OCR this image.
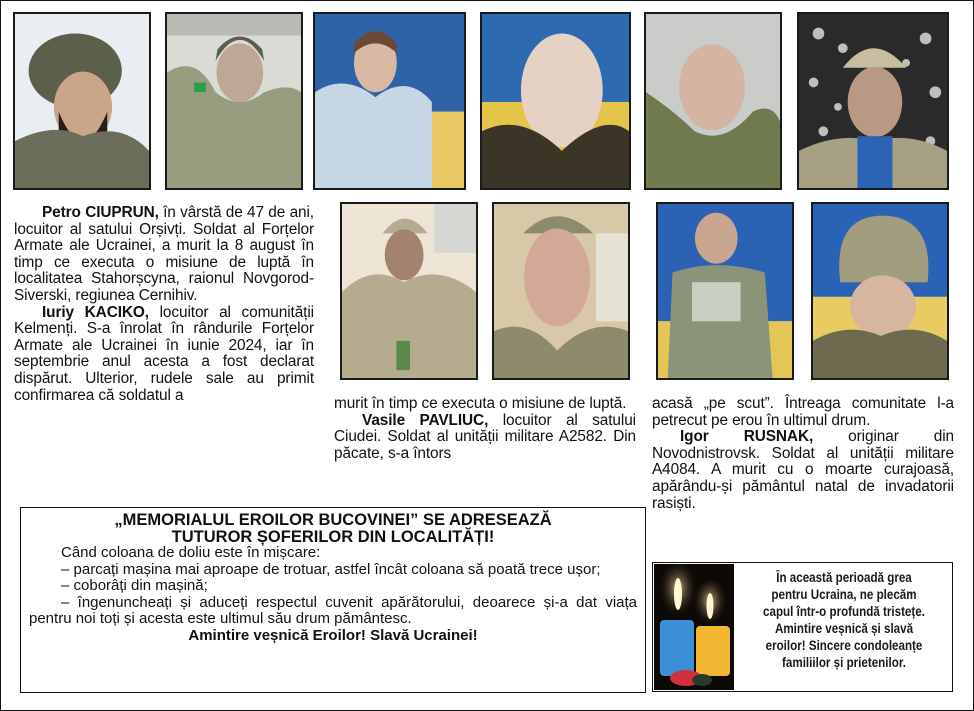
Petro CIUPRUN, în vârstă de 47 de ani, locuitor al satului Orșivți. Soldat al Forțelor Armate ale Ucrainei, a murit la 8 august în timp ce executa o misiune de luptă în localitatea Stahorșcyna, raionul Novgorod-Siverski, regiunea Cernihiv.

Iuriy KACIKO, locuitor al comunității Kelmenți. S-a înrolat în rândurile Forțelor Armate ale Ucrainei în iunie 2024, iar în septembrie anul acesta a fost declarat dispărut. Ulterior, rudele sale au primit confirmarea că soldatul a	murit în timp ce executa o misiune de luptă.

Vasile PAVLIUC, locuitor al satului Ciudei. Soldat al unității militare A2582. Din păcate, s-a întors

acasă „pe scut”. Întreaga comunitate l-a petrecut pe erou în ultimul drum.

Igor RUSNAK, originar din Novodnistrovsk. Soldat al unității militare A4084. A murit cu o moarte curajoasă, apărându-și pământul natal de invadatorii rasiști.

„MEMORIALUL EROILOR BUCOVINEI” SE ADRESEAZĂ
TUTUROR ȘOFERILOR DIN LOCALITĂȚI!

Când coloana de doliu este în mișcare:

– parcați mașina mai aproape de trotuar, astfel încât coloana să poată trece ușor;

– coborâți din mașină;

– îngenuncheați și aduceți respectul cuvenit apărătorului, deoarece și-a dat viața pentru noi toți și acesta este ultimul său drum pământesc.

Amintire veșnică Eroilor! Slavă Ucrainei!

În această perioadă grea
pentru Ucraina, ne plecăm
capul într-o profundă tristețe.
Amintire veșnică și slavă
eroilor! Sincere condoleanțe
familiilor și prietenilor.
